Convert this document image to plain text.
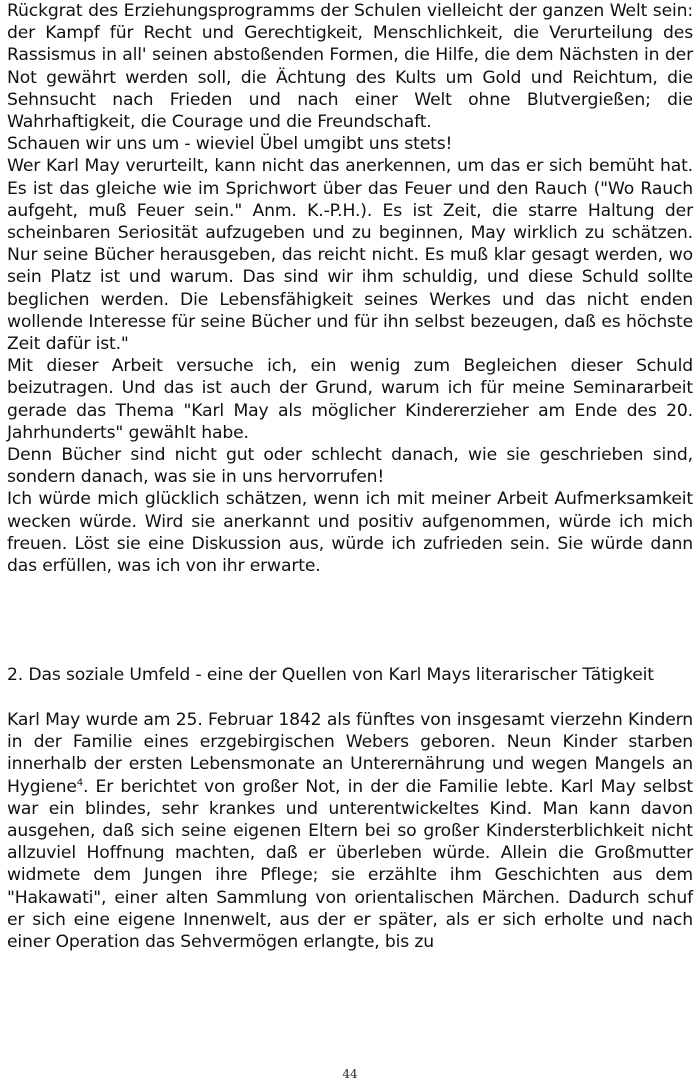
Rückgrat des Erziehungsprogramms der Schulen vielleicht der ganzen Welt sein: der Kampf für Recht und Gerechtigkeit, Menschlichkeit, die Verurteilung des Rassismus in all' seinen abstoßenden Formen, die Hilfe, die dem Nächsten in der Not gewährt werden soll, die Ächtung des Kults um Gold und Reichtum, die Sehnsucht nach Frieden und nach einer Welt ohne Blutvergießen; die Wahrhaftigkeit, die Courage und die Freundschaft.

Schauen wir uns um - wieviel Übel umgibt uns stets!

Wer Karl May verurteilt, kann nicht das anerkennen, um das er sich bemüht hat. Es ist das gleiche wie im Sprichwort über das Feuer und den Rauch ("Wo Rauch aufgeht, muß Feuer sein." Anm. K.-P.H.). Es ist Zeit, die starre Haltung der scheinbaren Seriosität aufzugeben und zu beginnen, May wirklich zu schätzen. Nur seine Bücher herausgeben, das reicht nicht. Es muß klar gesagt werden, wo sein Platz ist und warum. Das sind wir ihm schuldig, und diese Schuld sollte beglichen werden. Die Lebensfähigkeit seines Werkes und das nicht enden wollende Interesse für seine Bücher und für ihn selbst bezeugen, daß es höchste Zeit dafür ist."

Mit dieser Arbeit versuche ich, ein wenig zum Begleichen dieser Schuld beizutragen. Und das ist auch der Grund, warum ich für meine Seminararbeit gerade das Thema "Karl May als möglicher Kindererzieher am Ende des 20. Jahrhunderts" gewählt habe.

Denn Bücher sind nicht gut oder schlecht danach, wie sie geschrieben sind, sondern danach, was sie in uns hervorrufen!

Ich würde mich glücklich schätzen, wenn ich mit meiner Arbeit Aufmerksamkeit wecken würde. Wird sie anerkannt und positiv aufgenommen, würde ich mich freuen. Löst sie eine Diskussion aus, würde ich zufrieden sein. Sie würde dann das erfüllen, was ich von ihr erwarte.

2. Das soziale Umfeld - eine der Quellen von Karl Mays literarischer Tätigkeit

Karl May wurde am 25. Februar 1842 als fünftes von insgesamt vierzehn Kindern in der Familie eines erzgebirgischen Webers geboren. Neun Kinder starben innerhalb der ersten Lebensmonate an Unterernährung und wegen Mangels an Hygiene$^4$. Er berichtet von großer Not, in der die Familie lebte. Karl May selbst war ein blindes, sehr krankes und unterentwickeltes Kind. Man kann davon ausgehen, daß sich seine eigenen Eltern bei so großer Kindersterblichkeit nicht allzuviel Hoffnung machten, daß er überleben würde. Allein die Großmutter widmete dem Jungen ihre Pflege; sie erzählte ihm Geschichten aus dem "Hakawati", einer alten Sammlung von orientalischen Märchen. Dadurch schuf er sich eine eigene Innenwelt, aus der er später, als er sich erholte und nach einer Operation das Sehvermögen erlangte, bis zu

44
